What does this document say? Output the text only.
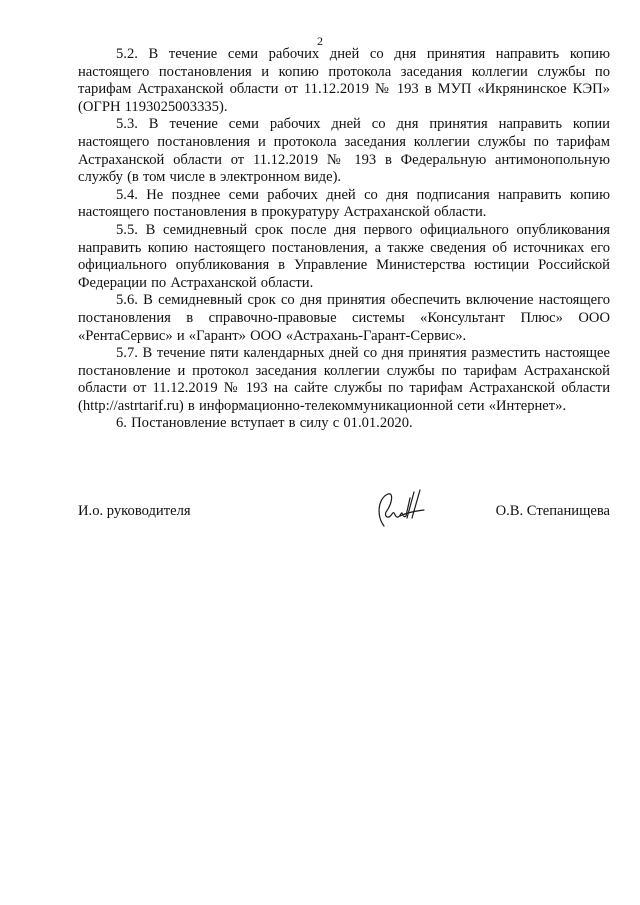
2

5.2. В течение семи рабочих дней со дня принятия направить копию настоящего постановления и копию протокола заседания коллегии службы по тарифам Астраханской области от 11.12.2019 № 193 в МУП «Икрянинское КЭП» (ОГРН 1193025003335).

5.3. В течение семи рабочих дней со дня принятия направить копии настоящего постановления и протокола заседания коллегии службы по тарифам Астраханской области от 11.12.2019 № 193 в Федеральную антимонопольную службу (в том числе в электронном виде).

5.4. Не позднее семи рабочих дней со дня подписания направить копию настоящего постановления в прокуратуру Астраханской области.

5.5. В семидневный срок после дня первого официального опубликования направить копию настоящего постановления, а также сведения об источниках его официального опубликования в Управление Министерства юстиции Российской Федерации по Астраханской области.

5.6. В семидневный срок со дня принятия обеспечить включение настоящего постановления в справочно-правовые системы «Консультант Плюс» ООО «РентаСервис» и «Гарант» ООО «Астрахань-Гарант-Сервис».

5.7. В течение пяти календарных дней со дня принятия разместить настоящее постановление и протокол заседания коллегии службы по тарифам Астраханской области от 11.12.2019 № 193 на сайте службы по тарифам Астраханской области (http://astrtarif.ru) в информационно-телекоммуникационной сети «Интернет».

6. Постановление вступает в силу с 01.01.2020.

И.о. руководителя	О.В. Степанищева
